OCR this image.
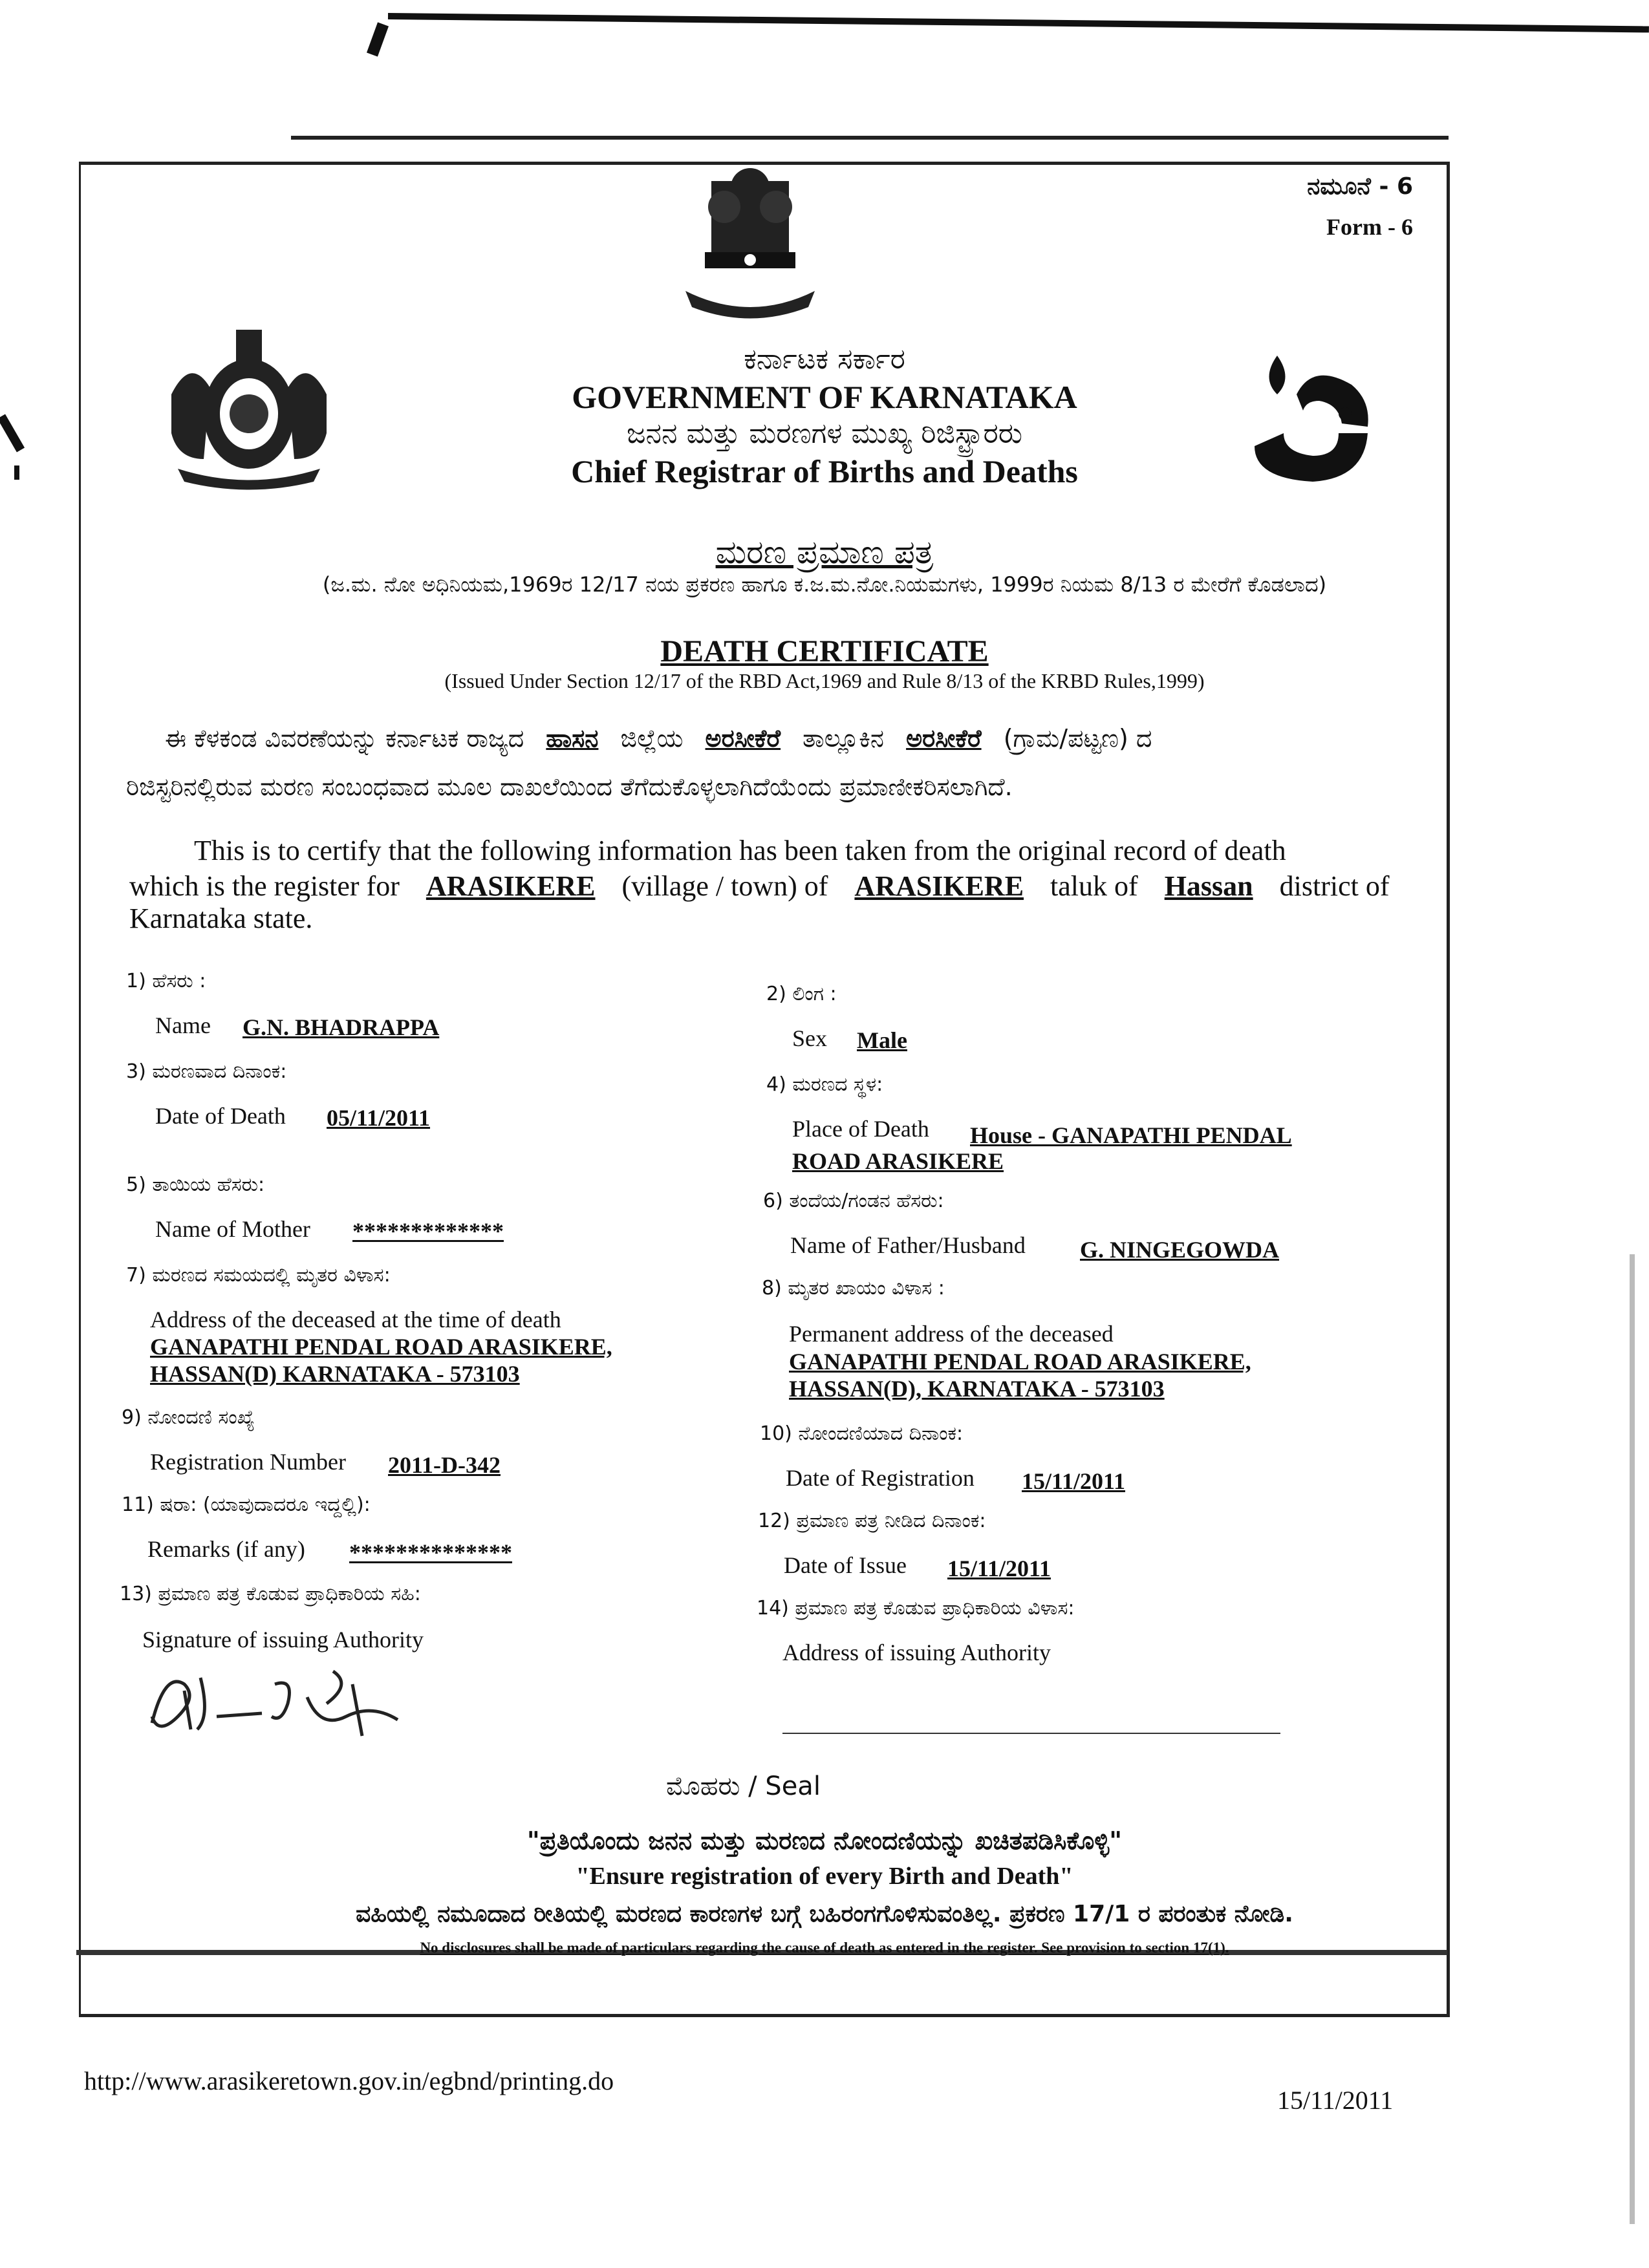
ನಮೂನೆ - 6
Form - 6
ಕರ್ನಾಟಕ ಸರ್ಕಾರ
GOVERNMENT OF KARNATAKA
ಜನನ ಮತ್ತು ಮರಣಗಳ ಮುಖ್ಯ ರಿಜಿಸ್ಟ್ರಾರರು
Chief Registrar of Births and Deaths
ಮರಣ ಪ್ರಮಾಣ ಪತ್ರ
(ಜ.ಮ. ನೋ ಅಧಿನಿಯಮ,1969ರ 12/17 ನಯ ಪ್ರಕರಣ ಹಾಗೂ ಕ.ಜ.ಮ.ನೋ.ನಿಯಮಗಳು, 1999ರ ನಿಯಮ 8/13 ರ ಮೇರೆಗೆ ಕೊಡಲಾದ)
DEATH CERTIFICATE
(Issued Under Section 12/17 of the RBD Act,1969 and Rule 8/13 of the KRBD Rules,1999)
ಈ ಕೆಳಕಂಡ ವಿವರಣೆಯನ್ನು ಕರ್ನಾಟಕ ರಾಜ್ಯದ ಹಾಸನ ಜಿಲ್ಲೆಯ ಅರಸೀಕೆರೆ ತಾಲ್ಲೂಕಿನ ಅರಸೀಕೆರೆ (ಗ್ರಾಮ/ಪಟ್ಟಣ) ದ
ರಿಜಿಸ್ಟರಿನಲ್ಲಿರುವ ಮರಣ ಸಂಬಂಧವಾದ ಮೂಲ ದಾಖಲೆಯಿಂದ ತೆಗೆದುಕೊಳ್ಳಲಾಗಿದೆಯೆಂದು ಪ್ರಮಾಣೀಕರಿಸಲಾಗಿದೆ.
This is to certify that the following information has been taken from the original record of death
which is the register for ARASIKERE (village / town) of ARASIKERE taluk of Hassan district of
Karnataka state.
1) ಹೆಸರು :
Name G.N. BHADRAPPA
3) ಮರಣವಾದ ದಿನಾಂಕ:
Date of Death 05/11/2011
5) ತಾಯಿಯ ಹೆಸರು:
Name of Mother *************
7) ಮರಣದ ಸಮಯದಲ್ಲಿ ಮೃತರ ವಿಳಾಸ:
Address of the deceased at the time of death
GANAPATHI PENDAL ROAD ARASIKERE,
HASSAN(D) KARNATAKA - 573103
9) ನೋಂದಣಿ ಸಂಖ್ಯೆ
Registration Number 2011-D-342
11) ಷರಾ: (ಯಾವುದಾದರೂ ಇದ್ದಲ್ಲಿ):
Remarks (if any) **************
13) ಪ್ರಮಾಣ ಪತ್ರ ಕೊಡುವ ಪ್ರಾಧಿಕಾರಿಯ ಸಹಿ:
Signature of issuing Authority
2) ಲಿಂಗ :
Sex Male
4) ಮರಣದ ಸ್ಥಳ:
Place of Death House - GANAPATHI PENDAL
ROAD ARASIKERE
6) ತಂದೆಯ/ಗಂಡನ ಹೆಸರು:
Name of Father/Husband G. NINGEGOWDA
8) ಮೃತರ ಖಾಯಂ ವಿಳಾಸ :
Permanent address of the deceased
GANAPATHI PENDAL ROAD ARASIKERE,
HASSAN(D), KARNATAKA - 573103
10) ನೋಂದಣಿಯಾದ ದಿನಾಂಕ:
Date of Registration 15/11/2011
12) ಪ್ರಮಾಣ ಪತ್ರ ನೀಡಿದ ದಿನಾಂಕ:
Date of Issue 15/11/2011
14) ಪ್ರಮಾಣ ಪತ್ರ ಕೊಡುವ ಪ್ರಾಧಿಕಾರಿಯ ವಿಳಾಸ:
Address of issuing Authority
ಮೊಹರು / Seal
"ಪ್ರತಿಯೊಂದು ಜನನ ಮತ್ತು ಮರಣದ ನೋಂದಣಿಯನ್ನು ಖಚಿತಪಡಿಸಿಕೊಳ್ಳಿ"
"Ensure registration of every Birth and Death"
ವಹಿಯಲ್ಲಿ ನಮೂದಾದ ರೀತಿಯಲ್ಲಿ ಮರಣದ ಕಾರಣಗಳ ಬಗ್ಗೆ ಬಹಿರಂಗಗೊಳಿಸುವಂತಿಲ್ಲ. ಪ್ರಕರಣ 17/1 ರ ಪರಂತುಕ ನೋಡಿ.
No disclosures shall be made of particulars regarding the cause of death as entered in the register. See provision to section 17(1).
http://www.arasikeretown.gov.in/egbnd/printing.do
15/11/2011
